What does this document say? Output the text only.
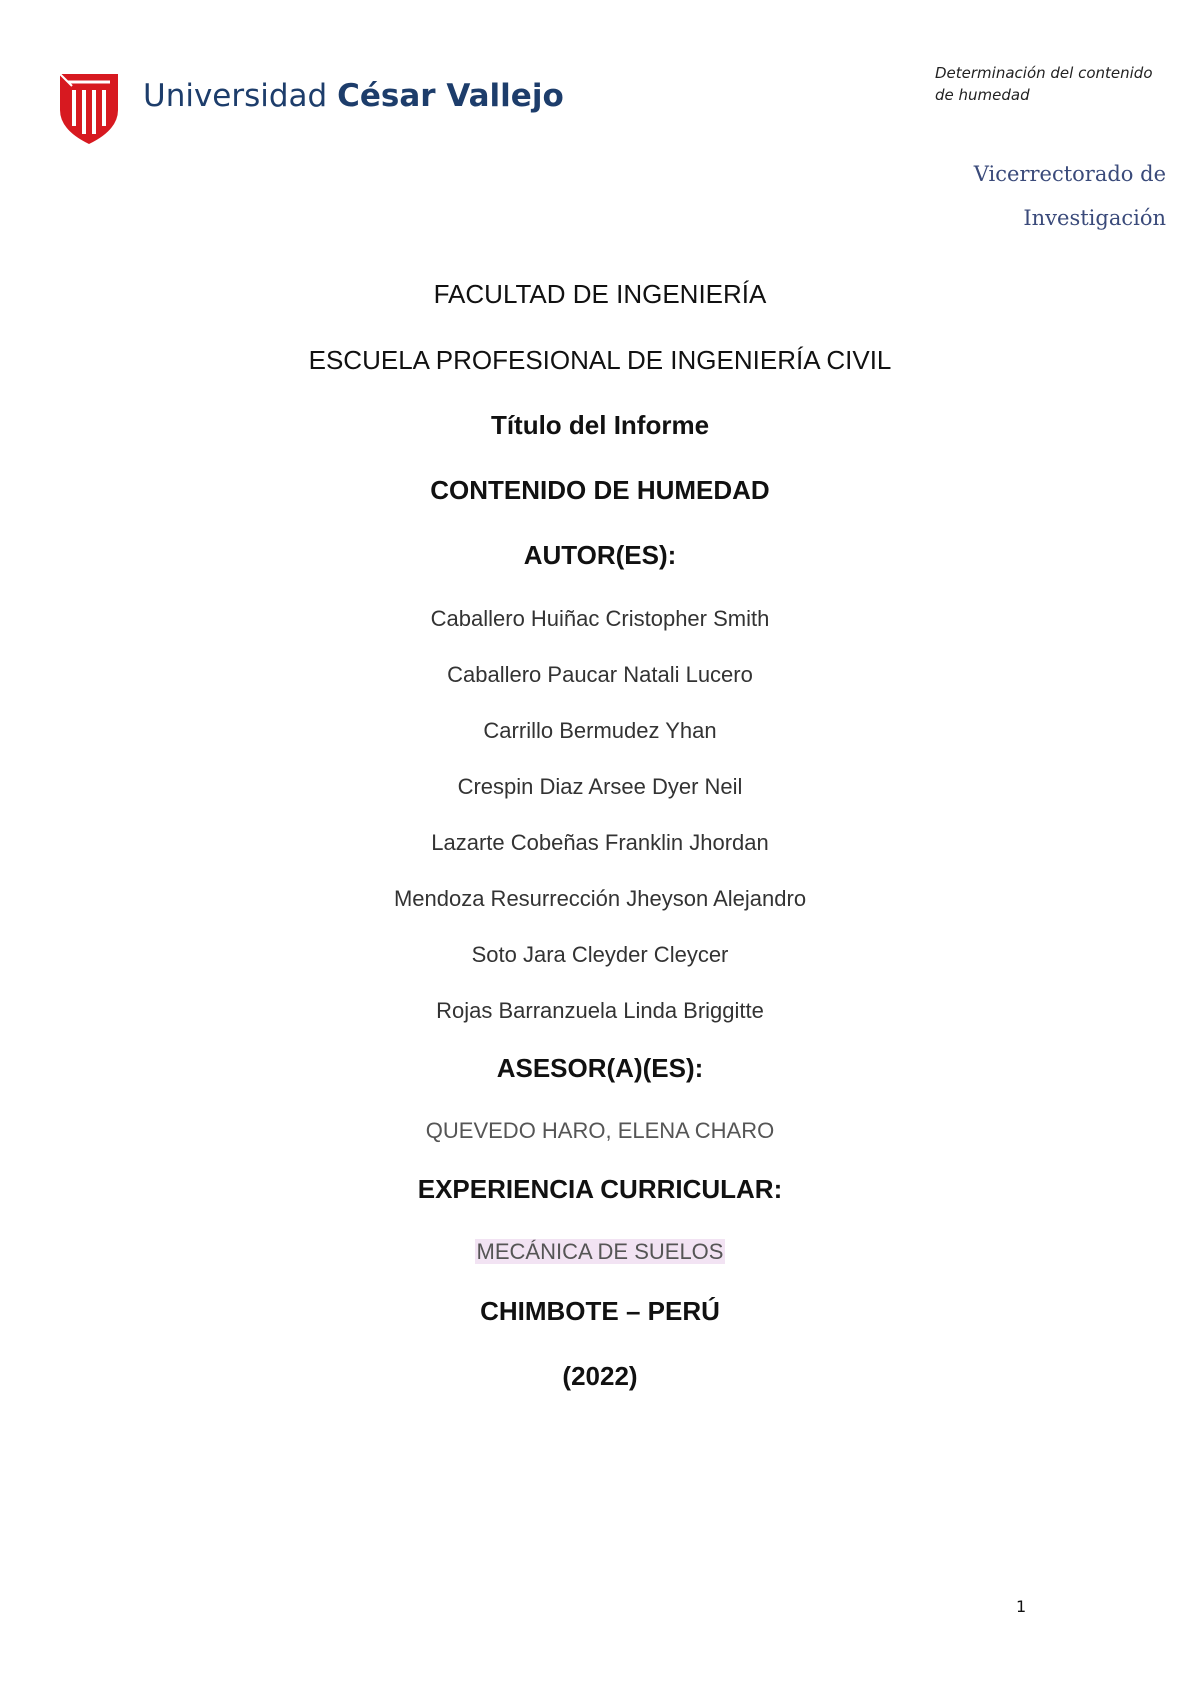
Universidad César Vallejo
Determinación del contenido de humedad
Vicerrectorado de
Investigación
FACULTAD DE INGENIERÍA
ESCUELA PROFESIONAL DE INGENIERÍA CIVIL
Título del Informe
CONTENIDO DE HUMEDAD
AUTOR(ES):
Caballero Huiñac Cristopher Smith
Caballero Paucar Natali Lucero
Carrillo Bermudez Yhan
Crespin Diaz Arsee Dyer Neil
Lazarte Cobeñas Franklin Jhordan
Mendoza Resurrección Jheyson Alejandro
Soto Jara Cleyder Cleycer
Rojas Barranzuela Linda Briggitte
ASESOR(A)(ES):
QUEVEDO HARO, ELENA CHARO
EXPERIENCIA CURRICULAR:
MECÁNICA DE SUELOS
CHIMBOTE – PERÚ
(2022)
1
